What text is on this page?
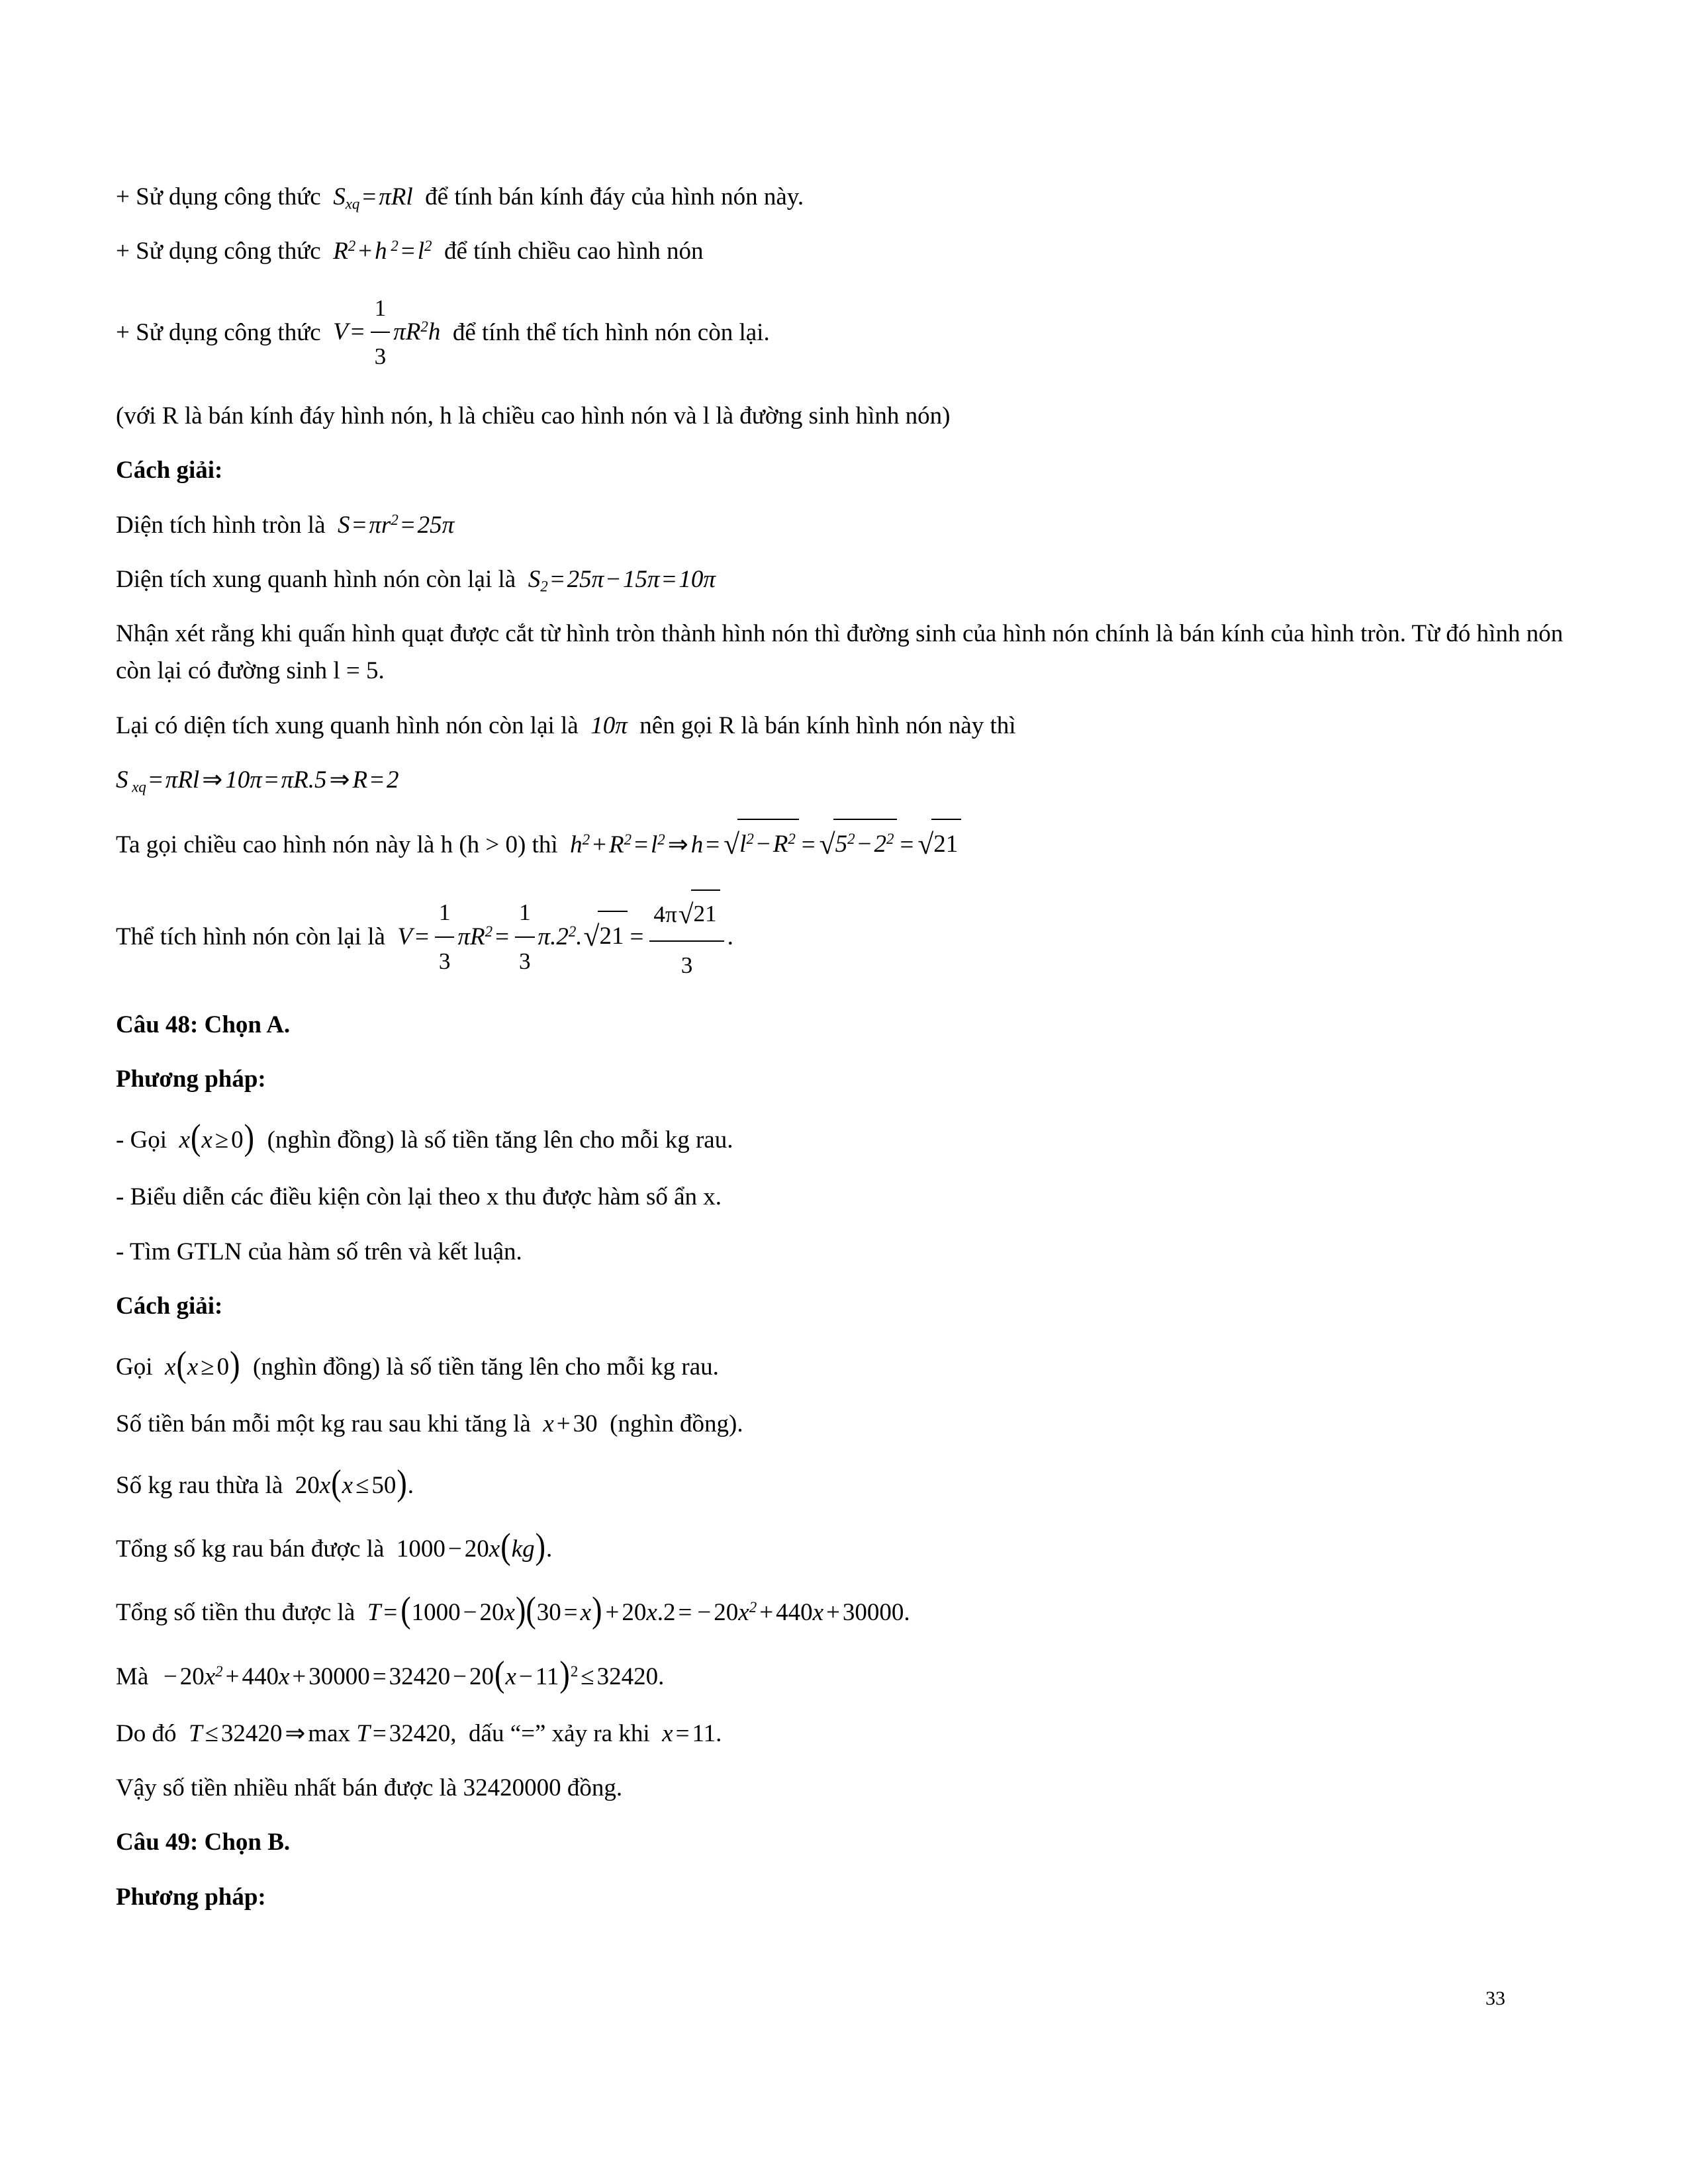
+ Sử dụng công thức  $S_{xq} = \pi Rl$ để tính bán kính đáy của hình nón này.

+ Sử dụng công thức  $R^2 + h$ $^2 = l^2$ để tính chiều cao hình nón

+ Sử dụng công thức  $V = \frac{1}{3} \pi R^2h$  để tính thể tích hình nón còn lại.

(với R là bán kính đáy hình nón, h là chiều cao hình nón và l là đường sinh hình nón)

Cách giải:

Diện tích hình tròn là  $S = \pi r^2 = 25\pi$

Diện tích xung quanh hình nón còn lại là  $S_2 = 25\pi - 15\pi = 10\pi$

Nhận xét rằng khi quấn hình quạt được cắt từ hình tròn thành hình nón thì đường sinh của hình nón chính là bán kính của hình tròn. Từ đó hình nón còn lại có đường sinh l = 5.

Lại có diện tích xung quanh hình nón còn lại là  10π  nên gọi R là bán kính hình nón này thì

S $_{xq}$ = πRl ⇒ 10π = πR.5 ⇒ R = 2

Ta gọi chiều cao hình nón này là h (h > 0) thì  $h^2 + R^2 = l^2$ ⇒ $h = √l^2 - R^2 = √5^2 - 2^2 = √21$

Thể tích hình nón còn lại là  $V = \frac{1}{3} \pi R^2 = \frac{1}{3} \pi.2^2.√21 = \frac{4\pi√21}{3}$ .

Câu 48: Chọn A.

Phương pháp:

- Gọi  x(x ≥ 0) (nghìn đồng) là số tiền tăng lên cho mỗi kg rau.

- Biểu diễn các điều kiện còn lại theo x thu được hàm số ẩn x.

- Tìm GTLN của hàm số trên và kết luận.

Cách giải:

Gọi  x(x ≥ 0) (nghìn đồng) là số tiền tăng lên cho mỗi kg rau.

Số tiền bán mỗi một kg rau sau khi tăng là  x + 30 (nghìn đồng).

Số kg rau thừa là 20x(x ≤ 50).

Tổng số kg rau bán được là 1000 − 20x(kg).

Tổng số tiền thu được là  T = (1000 − 20x)(30 = x) + 20x.2 = − $20x^2 + 440x + 30000$.

Mà − $20x^2 + 440x + 30000 = 32420 - 20(x - 11)^2 \le 32420$.

Do đó  T ≤ 32420 ⇒ max T = 32420, dấu “=” xảy ra khi  x = 11.

Vậy số tiền nhiều nhất bán được là 32420000 đồng.

Câu 49: Chọn B.

Phương pháp:

33
